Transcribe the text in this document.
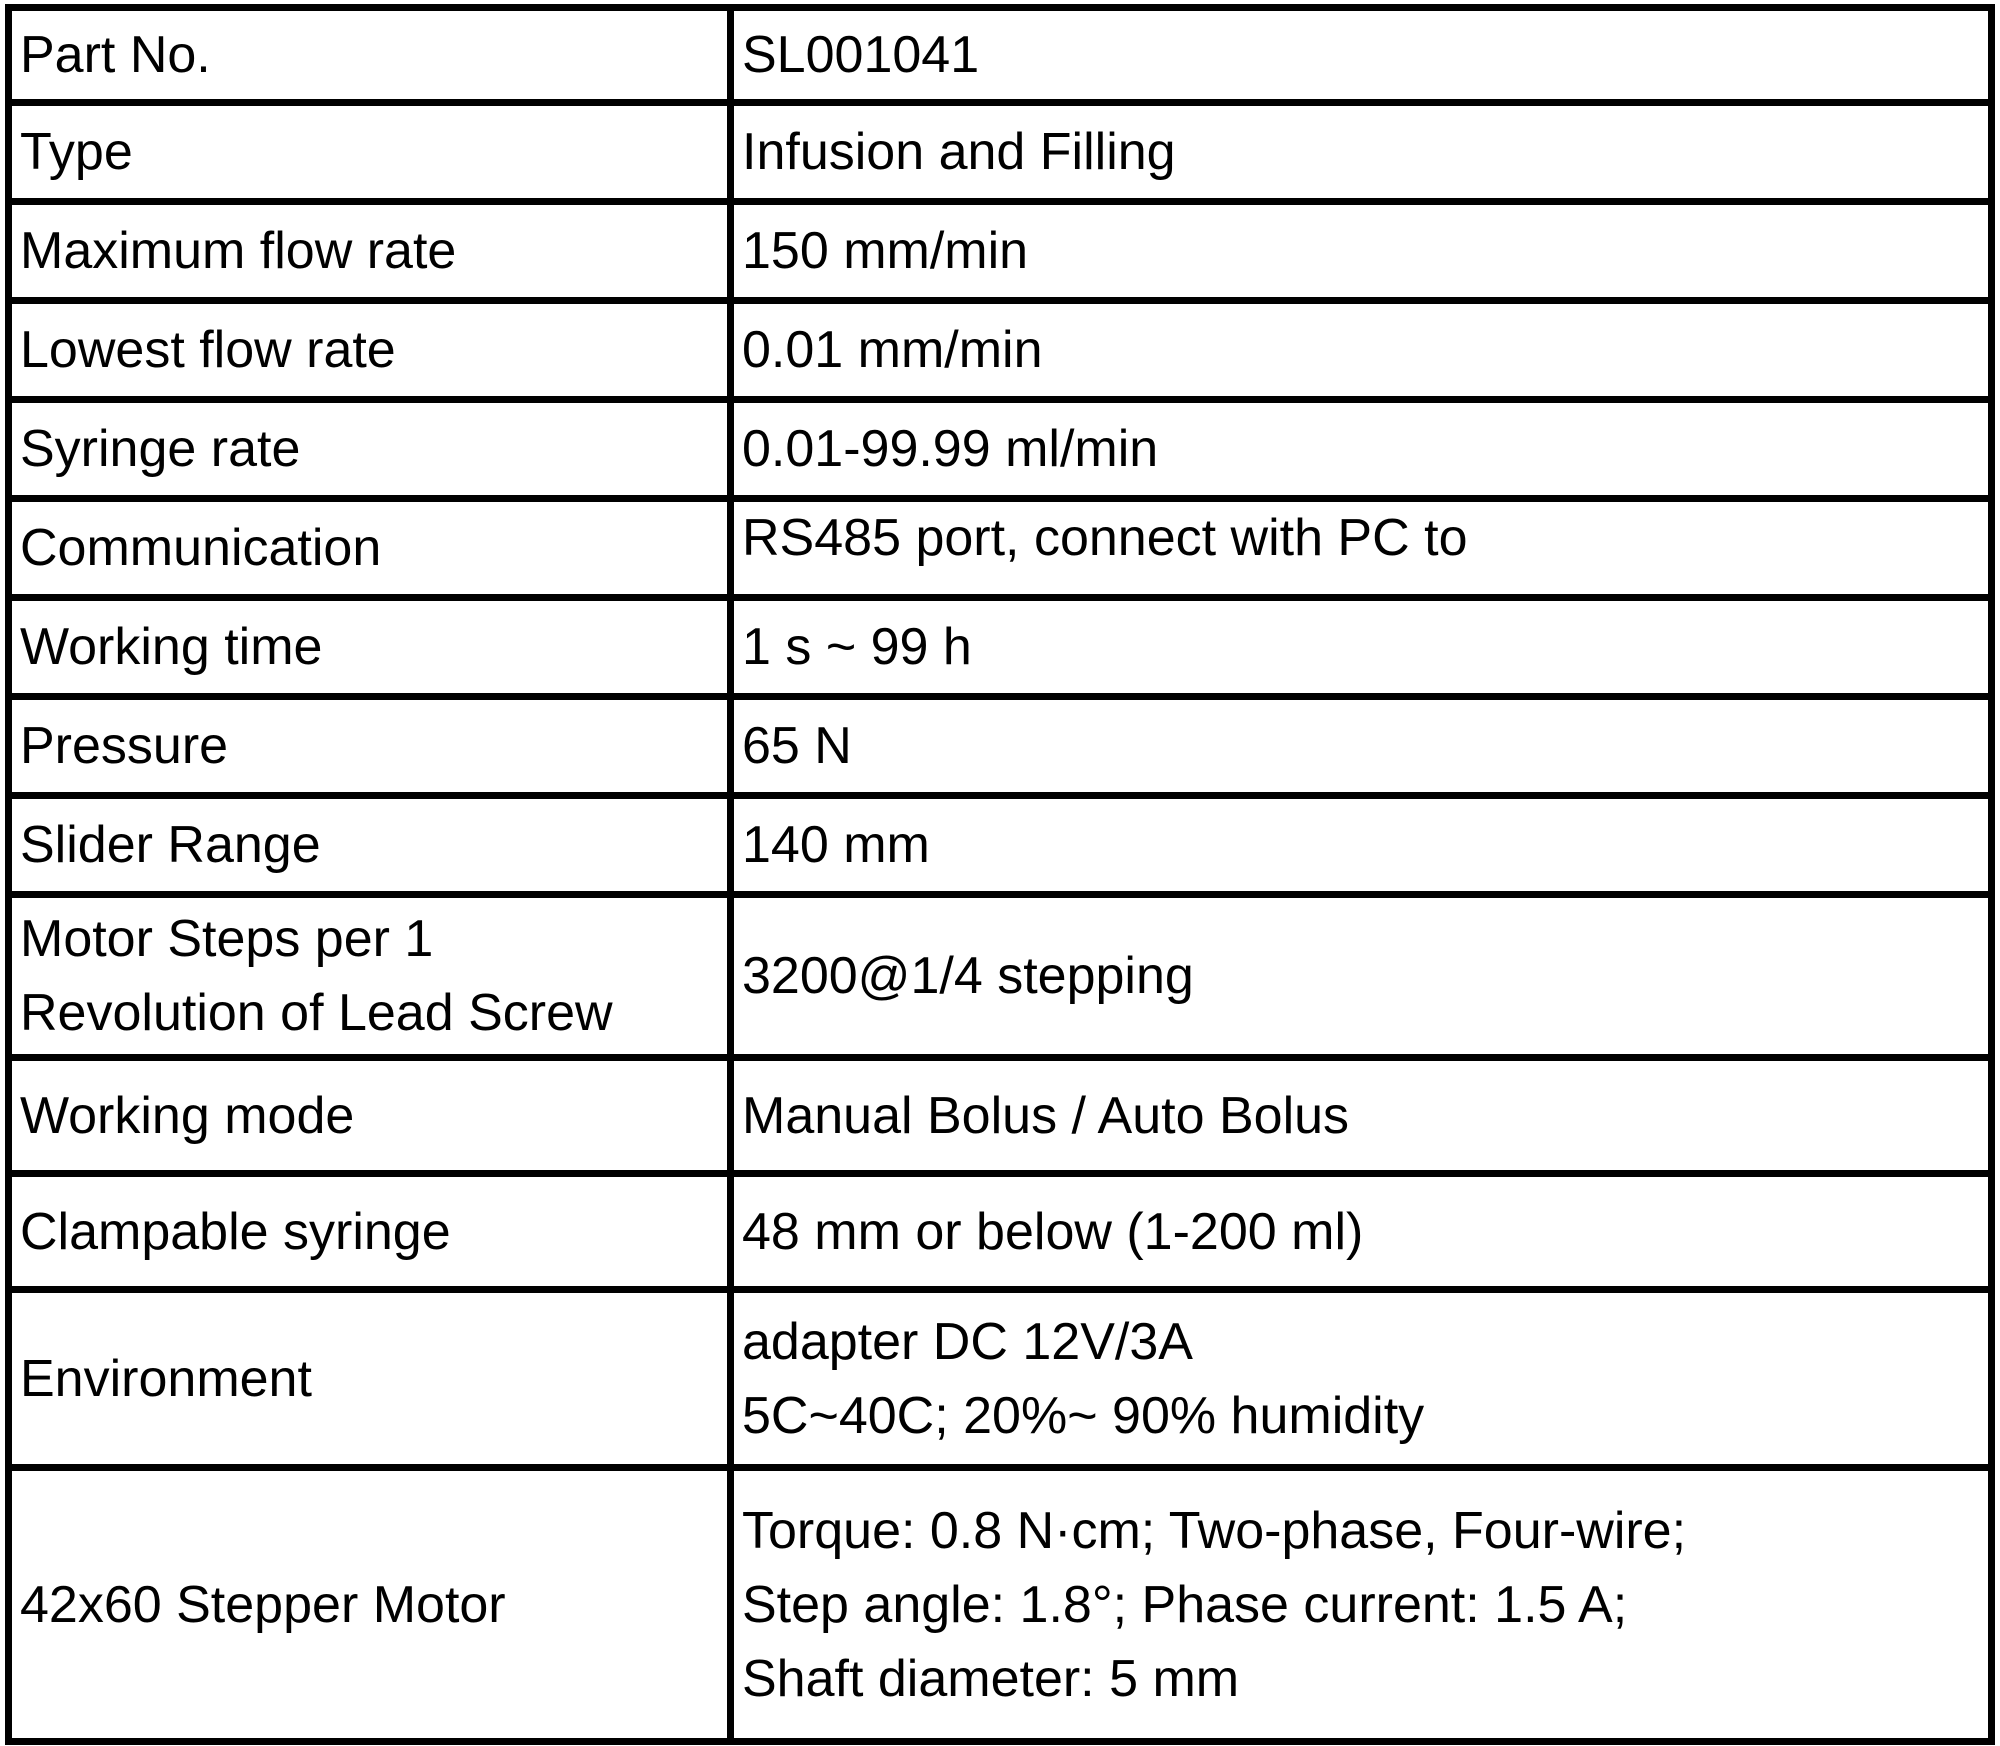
Part No.	SL001041
Type	Infusion and Filling
Maximum flow rate	150 mm/min
Lowest flow rate	0.01 mm/min
Syringe rate	0.01-99.99 ml/min
Communication	RS485 port, connect with PC to

Working time	1 s ~ 99 h
Pressure	65 N
Slider Range	140 mm

Motor Steps per 1
Revolution of Lead Screw	3200@1/4 stepping
Working mode	Manual Bolus / Auto Bolus
Clampable syringe	48 mm or below (1-200 ml)
Environment	adapter DC 12V/3A
5C~40C; 20%~ 90% humidity

42x60 Stepper Motor	Torque: 0.8 N·cm; Two-phase, Four-wire;
Step angle: 1.8°; Phase current: 1.5 A;
Shaft diameter: 5 mm
